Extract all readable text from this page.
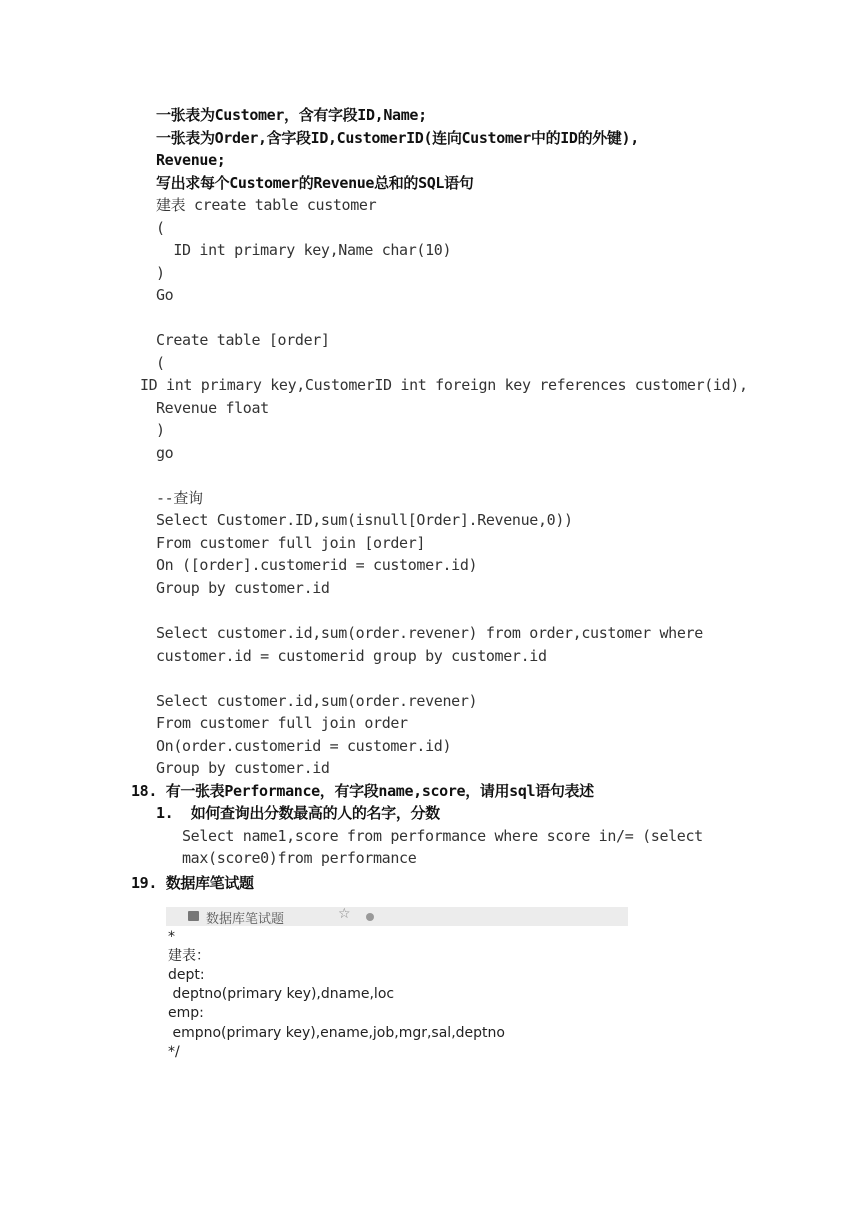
一张表为Customer，含有字段ID,Name;
一张表为Order,含字段ID,CustomerID(连向Customer中的ID的外键),
Revenue;
写出求每个Customer的Revenue总和的SQL语句
建表 create table customer
(
ID int primary key,Name char(10)
)
Go
Create table [order]
(
ID int primary key,CustomerID int foreign key references customer(id),
Revenue float
)
go
--查询
Select Customer.ID,sum(isnull[Order].Revenue,0))
From customer full join [order]
On ([order].customerid = customer.id)
Group by customer.id
Select customer.id,sum(order.revener) from order,customer where
customer.id = customerid group by customer.id
Select customer.id,sum(order.revener)
From customer full join order
On(order.customerid = customer.id)
Group by customer.id
18. 有一张表Performance，有字段name,score，请用sql语句表述
1.  如何查询出分数最高的人的名字，分数
Select name1,score from performance where score in/= (select
max(score0)from performance
19. 数据库笔试题
数据库笔试题	☆
*
建表：
dept:
deptno(primary key),dname,loc
emp:
empno(primary key),ename,job,mgr,sal,deptno
*/
